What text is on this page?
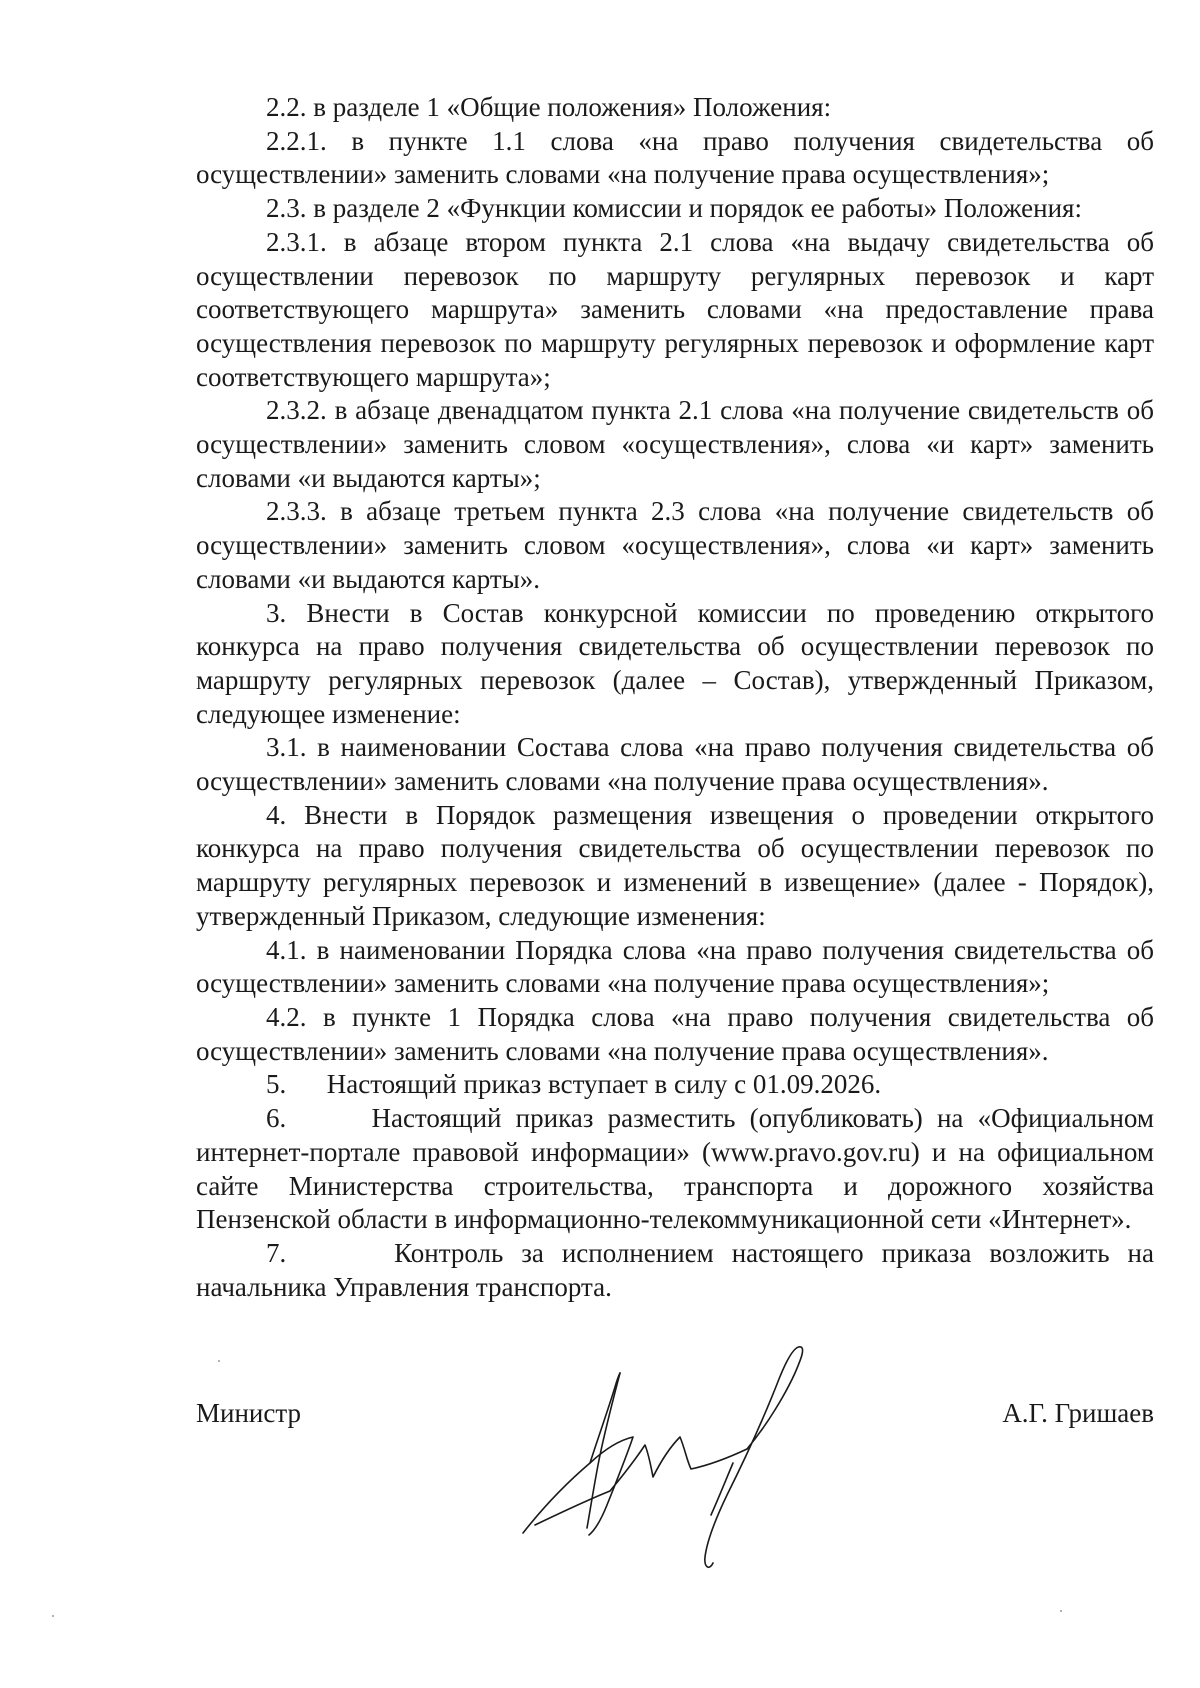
2.2. в разделе 1 «Общие положения» Положения:

2.2.1. в пункте 1.1 слова «на право получения свидетельства об осуществлении» заменить словами «на получение права осуществления»;

2.3. в разделе 2 «Функции комиссии и порядок ее работы» Положения:

2.3.1. в абзаце втором пункта 2.1 слова «на выдачу свидетельства об осуществлении перевозок по маршруту регулярных перевозок и карт соответствующего маршрута» заменить словами «на предоставление права осуществления перевозок по маршруту регулярных перевозок и оформление карт соответствующего маршрута»;

2.3.2. в абзаце двенадцатом пункта 2.1 слова «на получение свидетельств об осуществлении» заменить словом «осуществления», слова «и карт» заменить словами «и выдаются карты»;

2.3.3. в абзаце третьем пункта 2.3 слова «на получение свидетельств об осуществлении» заменить словом «осуществления», слова «и карт» заменить словами «и выдаются карты».

3. Внести в Состав конкурсной комиссии по проведению открытого конкурса на право получения свидетельства об осуществлении перевозок по маршруту регулярных перевозок (далее – Состав), утвержденный Приказом, следующее изменение:

3.1. в наименовании Состава слова «на право получения свидетельства об осуществлении» заменить словами «на получение права осуществления».

4. Внести в Порядок размещения извещения о проведении открытого конкурса на право получения свидетельства об осуществлении перевозок по маршруту регулярных перевозок и изменений в извещение» (далее - Порядок), утвержденный Приказом, следующие изменения:

4.1. в наименовании Порядка слова «на право получения свидетельства об осуществлении» заменить словами «на получение права осуществления»;

4.2. в пункте 1 Порядка слова «на право получения свидетельства об осуществлении» заменить словами «на получение права осуществления».

5.      Настоящий приказ вступает в силу с 01.09.2026.

6.      Настоящий приказ разместить (опубликовать) на «Официальном интернет-портале правовой информации» (www.pravo.gov.ru) и на официальном сайте Министерства строительства, транспорта и дорожного хозяйства Пензенской области в информационно-телекоммуникационной сети «Интернет».

7.      Контроль за исполнением настоящего приказа возложить на начальника Управления транспорта.

Министр	А.Г. Гришаев
